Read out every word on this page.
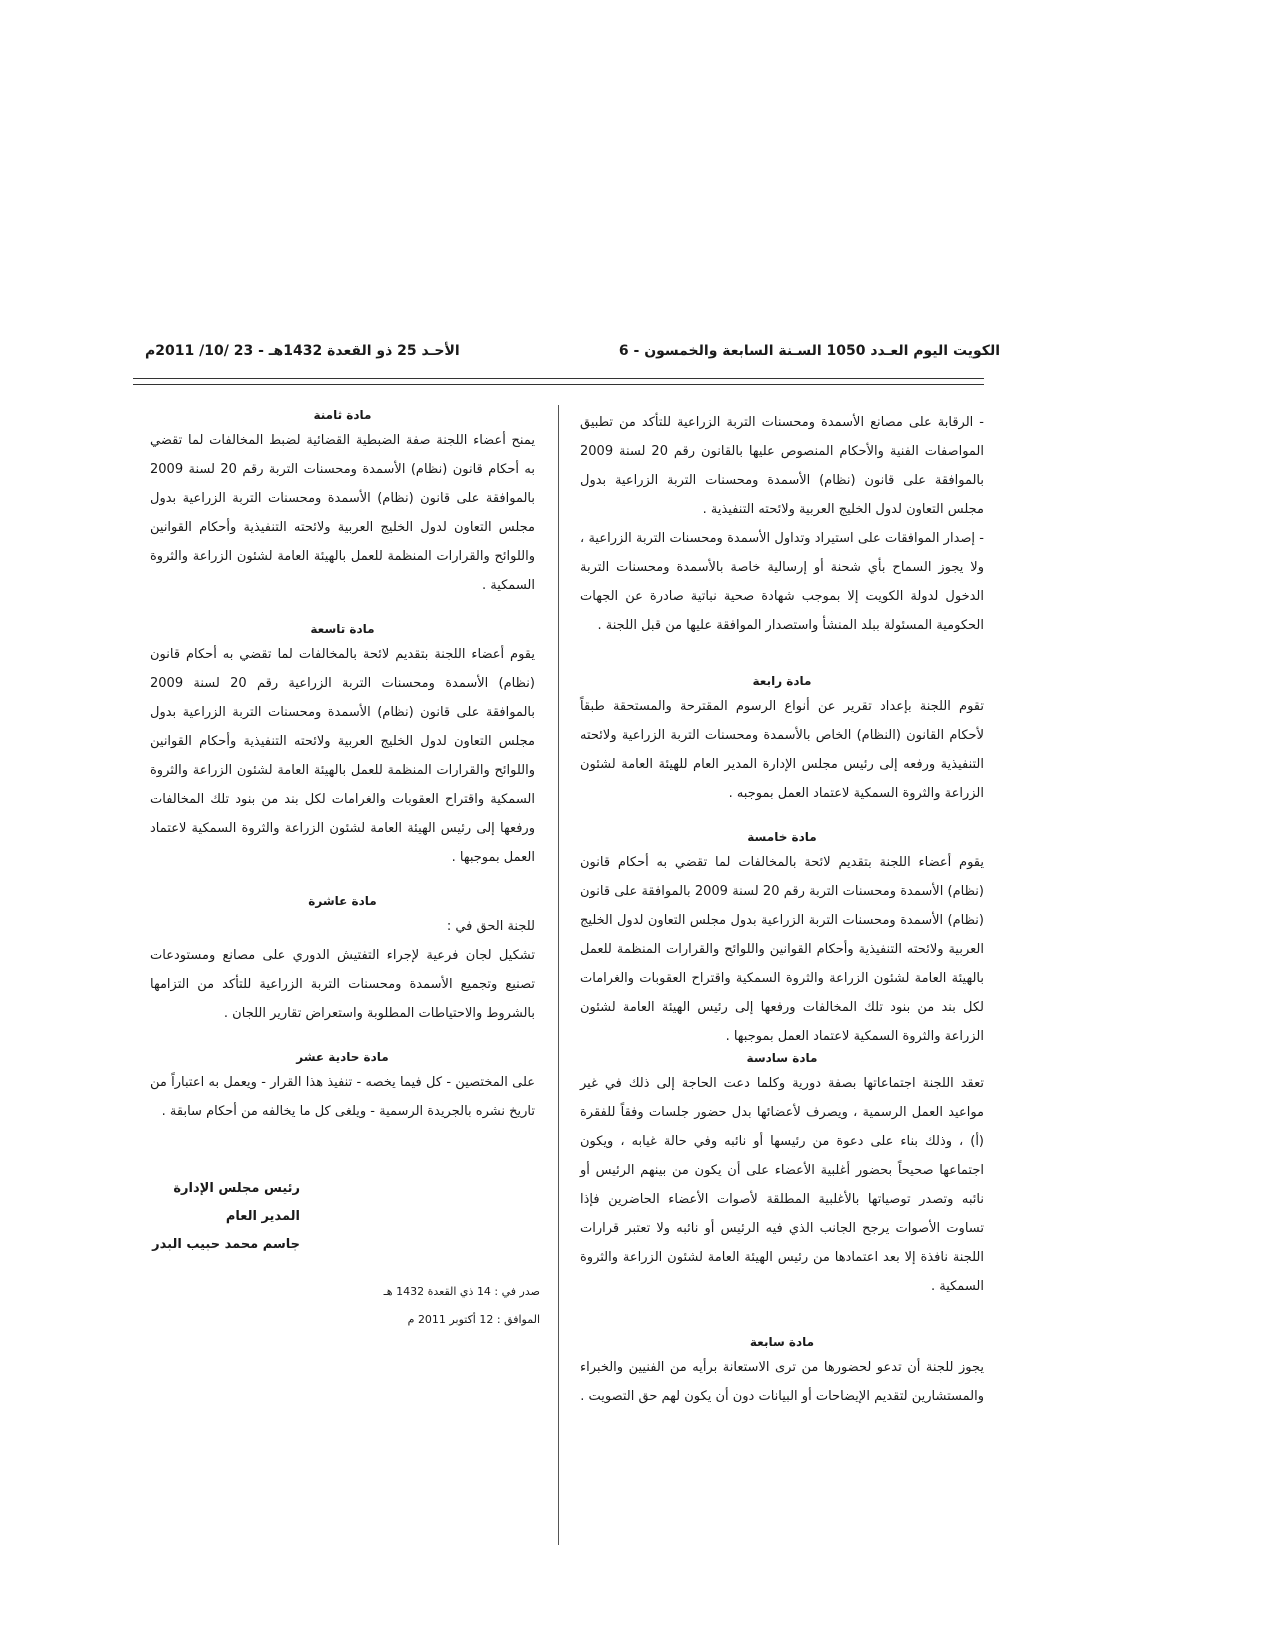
الأحـد 25 ذو القعدة 1432هـ - 23 /10/ 2011م	الكويت اليوم العـدد 1050 السـنة السابعة والخمسون - 6

- الرقابة على مصانع الأسمدة ومحسنات التربة الزراعية للتأكد من تطبيق المواصفات الفنية والأحكام المنصوص عليها بالقانون رقم 20 لسنة 2009 بالموافقة على قانون (نظام) الأسمدة ومحسنات التربة الزراعية بدول مجلس التعاون لدول الخليج العربية ولائحته التنفيذية .

- إصدار الموافقات على استيراد وتداول الأسمدة ومحسنات التربة الزراعية ، ولا يجوز السماح بأي شحنة أو إرسالية خاصة بالأسمدة ومحسنات التربة الدخول لدولة الكويت إلا بموجب شهادة صحية نباتية صادرة عن الجهات الحكومية المسئولة ببلد المنشأ واستصدار الموافقة عليها من قبل اللجنة .

مادة رابعة

تقوم اللجنة بإعداد تقرير عن أنواع الرسوم المقترحة والمستحقة طبقاً لأحكام القانون (النظام) الخاص بالأسمدة ومحسنات التربة الزراعية ولائحته التنفيذية ورفعه إلى رئيس مجلس الإدارة المدير العام للهيئة العامة لشئون الزراعة والثروة السمكية لاعتماد العمل بموجبه .

مادة خامسة

يقوم أعضاء اللجنة بتقديم لائحة بالمخالفات لما تقضي به أحكام قانون (نظام) الأسمدة ومحسنات التربة رقم 20 لسنة 2009 بالموافقة على قانون (نظام) الأسمدة ومحسنات التربة الزراعية بدول مجلس التعاون لدول الخليج العربية ولائحته التنفيذية وأحكام القوانين واللوائح والقرارات المنظمة للعمل بالهيئة العامة لشئون الزراعة والثروة السمكية واقتراح العقوبات والغرامات لكل بند من بنود تلك المخالفات ورفعها إلى رئيس الهيئة العامة لشئون الزراعة والثروة السمكية لاعتماد العمل بموجبها .

مادة سادسة

تعقد اللجنة اجتماعاتها بصفة دورية وكلما دعت الحاجة إلى ذلك في غير مواعيد العمل الرسمية ، ويصرف لأعضائها بدل حضور جلسات وفقاً للفقرة (أ) ، وذلك بناء على دعوة من رئيسها أو نائبه وفي حالة غيابه ، ويكون اجتماعها صحيحاً بحضور أغلبية الأعضاء على أن يكون من بينهم الرئيس أو نائبه وتصدر توصياتها بالأغلبية المطلقة لأصوات الأعضاء الحاضرين فإذا تساوت الأصوات يرجح الجانب الذي فيه الرئيس أو نائبه ولا تعتبر قرارات اللجنة نافذة إلا بعد اعتمادها من رئيس الهيئة العامة لشئون الزراعة والثروة السمكية .

مادة سابعة

يجوز للجنة أن تدعو لحضورها من ترى الاستعانة برأيه من الفنيين والخبراء والمستشارين لتقديم الإيضاحات أو البيانات دون أن يكون لهم حق التصويت .

مادة ثامنة

يمنح أعضاء اللجنة صفة الضبطية القضائية لضبط المخالفات لما تقضي به أحكام قانون (نظام) الأسمدة ومحسنات التربة رقم 20 لسنة 2009 بالموافقة على قانون (نظام) الأسمدة ومحسنات التربة الزراعية بدول مجلس التعاون لدول الخليج العربية ولائحته التنفيذية وأحكام القوانين واللوائح والقرارات المنظمة للعمل بالهيئة العامة لشئون الزراعة والثروة السمكية .

مادة تاسعة

يقوم أعضاء اللجنة بتقديم لائحة بالمخالفات لما تقضي به أحكام قانون (نظام) الأسمدة ومحسنات التربة الزراعية رقم 20 لسنة 2009 بالموافقة على قانون (نظام) الأسمدة ومحسنات التربة الزراعية بدول مجلس التعاون لدول الخليج العربية ولائحته التنفيذية وأحكام القوانين واللوائح والقرارات المنظمة للعمل بالهيئة العامة لشئون الزراعة والثروة السمكية واقتراح العقوبات والغرامات لكل بند من بنود تلك المخالفات ورفعها إلى رئيس الهيئة العامة لشئون الزراعة والثروة السمكية لاعتماد العمل بموجبها .

مادة عاشرة

للجنة الحق في :

تشكيل لجان فرعية لإجراء التفتيش الدوري على مصانع ومستودعات تصنيع وتجميع الأسمدة ومحسنات التربة الزراعية للتأكد من التزامها بالشروط والاحتياطات المطلوبة واستعراض تقارير اللجان .

مادة حادية عشر

على المختصين - كل فيما يخصه - تنفيذ هذا القرار - ويعمل به اعتباراً من تاريخ نشره بالجريدة الرسمية - ويلغى كل ما يخالفه من أحكام سابقة .

رئيس مجلس الإدارة
المدير العام
جاسم محمد حبيب البدر
صدر في : 14 ذي القعدة 1432 هـ
الموافق : 12 أكتوبر 2011 م
